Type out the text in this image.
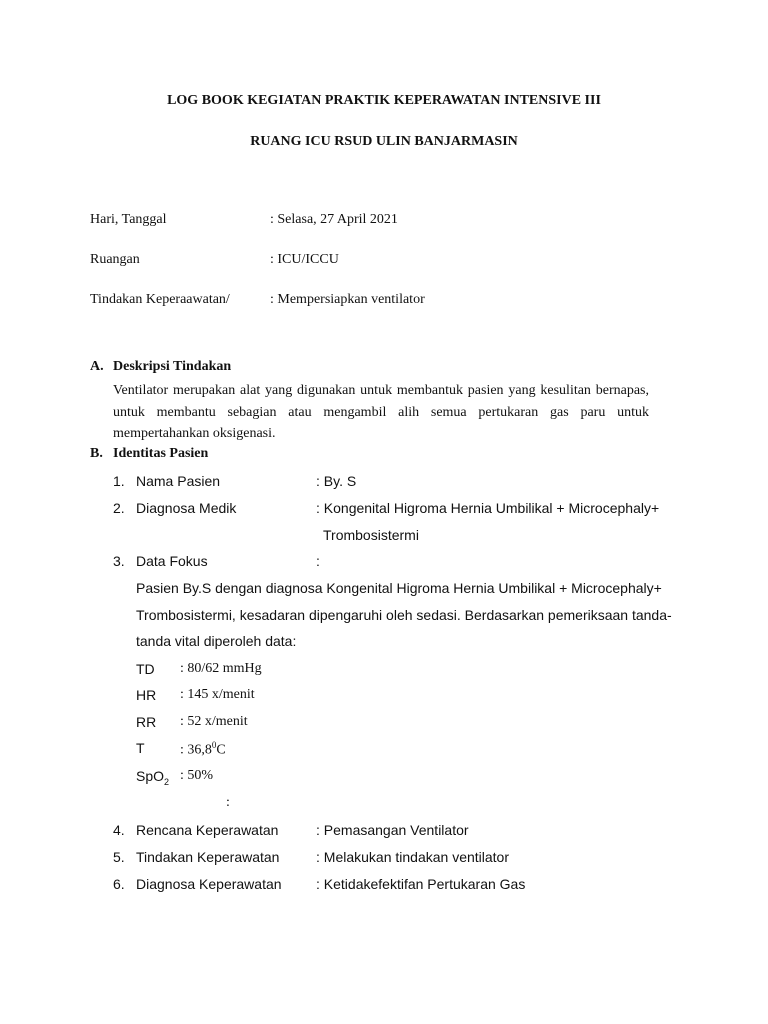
LOG BOOK KEGIATAN PRAKTIK KEPERAWATAN INTENSIVE III
RUANG ICU RSUD ULIN BANJARMASIN
Hari, Tanggal	: Selasa, 27 April 2021
Ruangan	: ICU/ICCU
Tindakan Keperaawatan/	: Mempersiapkan ventilator
A. Deskripsi Tindakan
Ventilator merupakan alat yang digunakan untuk membantuk pasien yang kesulitan bernapas,
untuk membantu sebagian atau mengambil alih semua pertukaran gas paru untuk
mempertahankan oksigenasi.
B. Identitas Pasien
1. Nama Pasien	: By. S
2. Diagnosa Medik	: Kongenital Higroma Hernia Umbilikal + Microcephaly+
Trombosistermi
3. Data Fokus	:
Pasien By.S dengan diagnosa Kongenital Higroma Hernia Umbilikal + Microcephaly+
Trombosistermi, kesadaran dipengaruhi oleh sedasi. Berdasarkan pemeriksaan tanda-
tanda vital diperoleh data:
TD : 80/62 mmHg
HR : 145 x/menit
RR : 52 x/menit
T	: 36,8$^0$C
SpO$_2$ : 50%
:
4. Rencana Keperawatan	: Pemasangan Ventilator
5. Tindakan Keperawatan	: Melakukan tindakan ventilator
6. Diagnosa Keperawatan : Ketidakefektifan Pertukaran Gas
